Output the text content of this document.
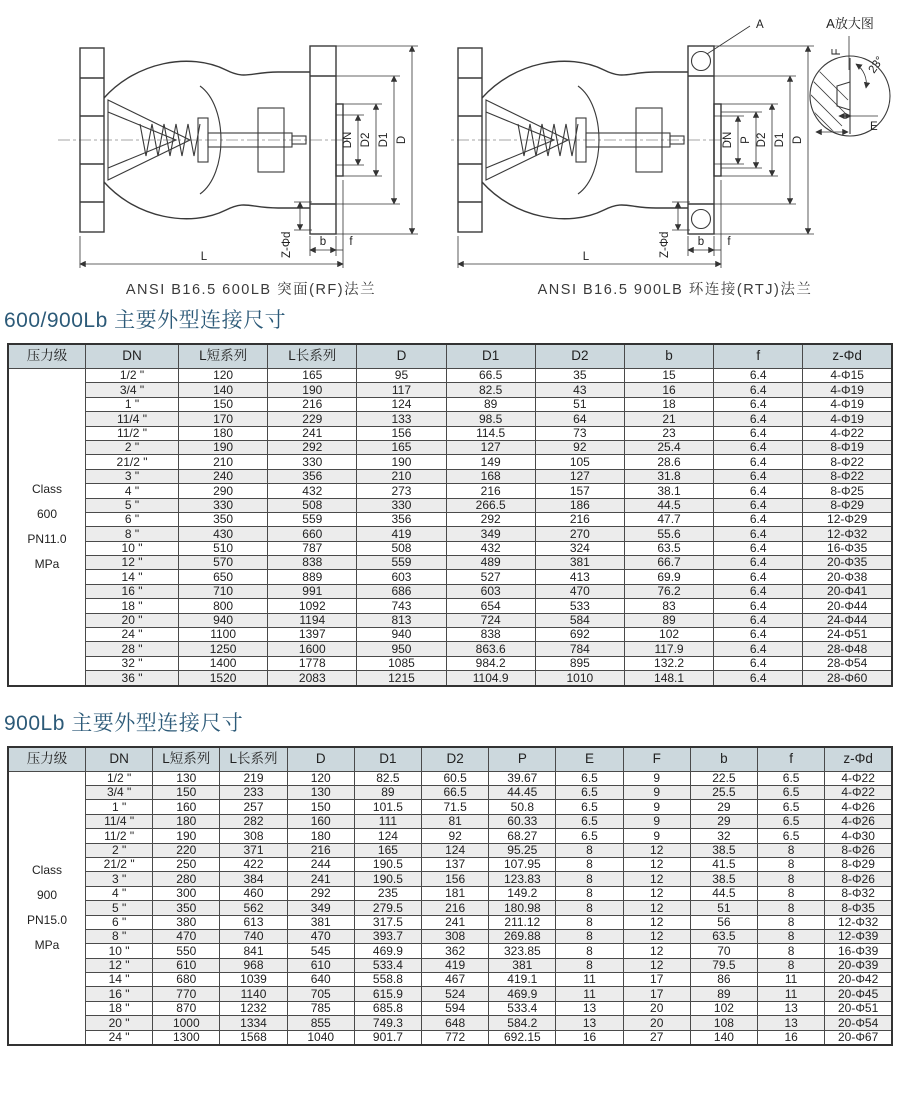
DN D2 D1 D
L	Z-Φd b f
ANSI B16.5 600LB 突面(RF)法兰
A
DN P D2 D1 D
L	Z-Φd b f
A放大图
F
23°
E
ANSI B16.5 900LB 环连接(RTJ)法兰
600/900Lb 主要外型连接尺寸
压力级	DN	L短系列	L长系列	D	D1	D2	b	f	z-Φd

Class
600
PN11.0
MPa	1/2 "	120	165	95	66.5	35	15	6.4	4-Φ15
	3/4 "	140	190	117	82.5	43	16	6.4	4-Φ19
	1 "	150	216	124	89	51	18	6.4	4-Φ19
	11/4 "	170	229	133	98.5	64	21	6.4	4-Φ19
	11/2 "	180	241	156	114.5	73	23	6.4	4-Φ22
	2 "	190	292	165	127	92	25.4	6.4	8-Φ19
	21/2 "	210	330	190	149	105	28.6	6.4	8-Φ22
	3 "	240	356	210	168	127	31.8	6.4	8-Φ22
	4 "	290	432	273	216	157	38.1	6.4	8-Φ25
	5 "	330	508	330	266.5	186	44.5	6.4	8-Φ29
	6 "	350	559	356	292	216	47.7	6.4	12-Φ29
	8 "	430	660	419	349	270	55.6	6.4	12-Φ32
	10 "	510	787	508	432	324	63.5	6.4	16-Φ35
	12 "	570	838	559	489	381	66.7	6.4	20-Φ35
	14 "	650	889	603	527	413	69.9	6.4	20-Φ38
	16 "	710	991	686	603	470	76.2	6.4	20-Φ41
	18 "	800	1092	743	654	533	83	6.4	20-Φ44
	20 "	940	1194	813	724	584	89	6.4	24-Φ44
	24 "	1100	1397	940	838	692	102	6.4	24-Φ51
	28 "	1250	1600	950	863.6	784	117.9	6.4	28-Φ48
	32 "	1400	1778	1085	984.2	895	132.2	6.4	28-Φ54
	36 "	1520	2083	1215	1104.9	1010	148.1	6.4	28-Φ60
900Lb 主要外型连接尺寸
压力级	DN	L短系列	L长系列	D	D1	D2	P	E	F	b	f	z-Φd

Class
900
PN15.0
MPa	1/2 "	130	219	120	82.5	60.5	39.67	6.5	9	22.5	6.5	4-Φ22
	3/4 "	150	233	130	89	66.5	44.45	6.5	9	25.5	6.5	4-Φ22
	1 "	160	257	150	101.5	71.5	50.8	6.5	9	29	6.5	4-Φ26
	11/4 "	180	282	160	111	81	60.33	6.5	9	29	6.5	4-Φ26
	11/2 "	190	308	180	124	92	68.27	6.5	9	32	6.5	4-Φ30
	2 "	220	371	216	165	124	95.25	8	12	38.5	8	8-Φ26
	21/2 "	250	422	244	190.5	137	107.95	8	12	41.5	8	8-Φ29
	3 "	280	384	241	190.5	156	123.83	8	12	38.5	8	8-Φ26
	4 "	300	460	292	235	181	149.2	8	12	44.5	8	8-Φ32
	5 "	350	562	349	279.5	216	180.98	8	12	51	8	8-Φ35
	6 "	380	613	381	317.5	241	211.12	8	12	56	8	12-Φ32
	8 "	470	740	470	393.7	308	269.88	8	12	63.5	8	12-Φ39
	10 "	550	841	545	469.9	362	323.85	8	12	70	8	16-Φ39
	12 "	610	968	610	533.4	419	381	8	12	79.5	8	20-Φ39
	14 "	680	1039	640	558.8	467	419.1	11	17	86	11	20-Φ42
	16 "	770	1140	705	615.9	524	469.9	11	17	89	11	20-Φ45
	18 "	870	1232	785	685.8	594	533.4	13	20	102	13	20-Φ51
	20 "	1000	1334	855	749.3	648	584.2	13	20	108	13	20-Φ54
	24 "	1300	1568	1040	901.7	772	692.15	16	27	140	16	20-Φ67
